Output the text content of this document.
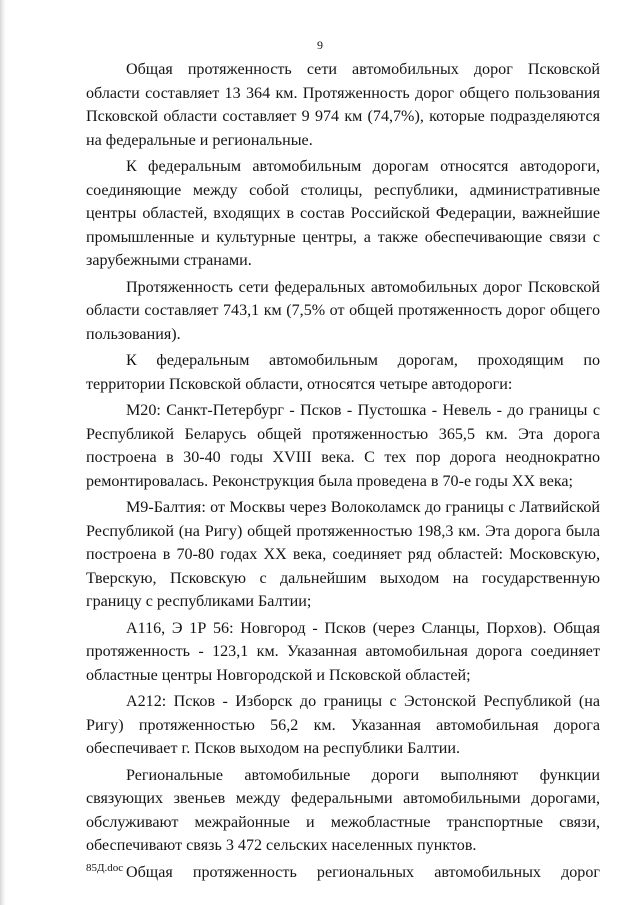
9

Общая протяженность сети автомобильных дорог Псковской области составляет 13 364 км. Протяженность дорог общего пользования Псковской области составляет 9 974 км (74,7%), которые подразделяются на федеральные и региональные.

К федеральным автомобильным дорогам относятся автодороги, соединяющие между собой столицы, республики, административные центры областей, входящих в состав Российской Федерации, важнейшие промышленные и культурные центры, а также обеспечивающие связи с зарубежными странами.

Протяженность сети федеральных автомобильных дорог Псковской области составляет 743,1 км (7,5% от общей протяженность дорог общего пользования).

К федеральным автомобильным дорогам, проходящим по территории Псковской области, относятся четыре автодороги:

М20: Санкт-Петербург - Псков - Пустошка - Невель - до границы с Республикой Беларусь общей протяженностью 365,5 км. Эта дорога построена в 30-40 годы XVIII века. С тех пор дорога неоднократно ремонтировалась. Реконструкция была проведена в 70-е годы XX века;

М9-Балтия: от Москвы через Волоколамск до границы с Латвийской Республикой (на Ригу) общей протяженностью 198,3 км. Эта дорога была построена в 70-80 годах XX века, соединяет ряд областей: Московскую, Тверскую, Псковскую с дальнейшим выходом на государственную границу с республиками Балтии;

А116, Э 1Р 56: Новгород - Псков (через Сланцы, Порхов). Общая протяженность - 123,1 км. Указанная автомобильная дорога соединяет областные центры Новгородской и Псковской областей;

А212: Псков - Изборск до границы с Эстонской Республикой (на Ригу) протяженностью 56,2 км. Указанная автомобильная дорога обеспечивает г. Псков выходом на республики Балтии.

Региональные автомобильные дороги выполняют функции связующих звеньев между федеральными автомобильными дорогами, обслуживают межрайонные и межобластные транспортные связи, обеспечивают связь 3 472 сельских населенных пунктов.

Общая протяженность региональных автомобильных дорог

85Д.doc
